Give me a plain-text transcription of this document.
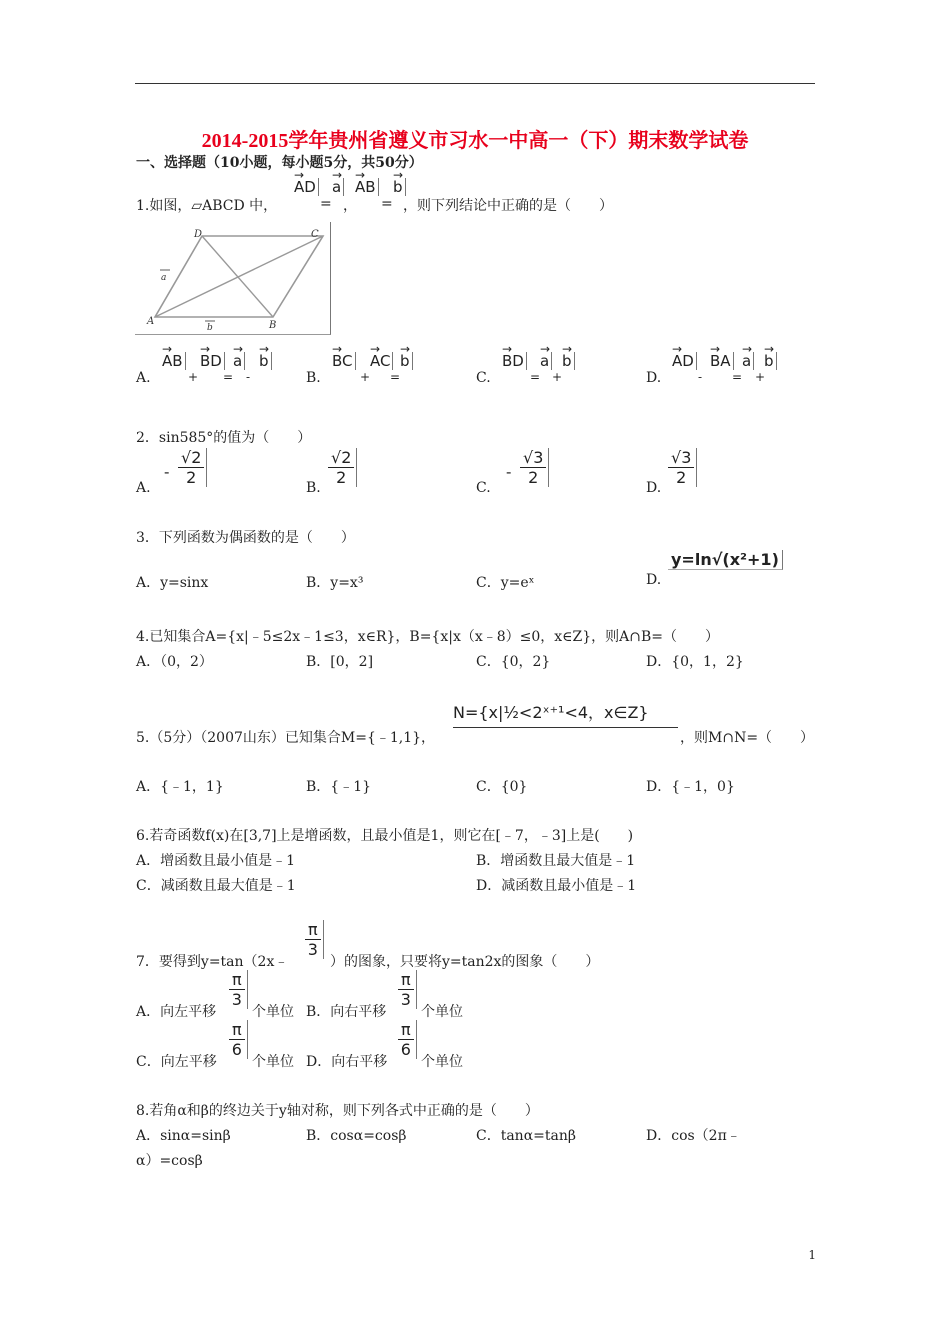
2014-2015学年贵州省遵义市习水一中高一（下）期末数学试卷
一、选择题（10小题，每小题5分，共50分）
1.如图，▱ABCD 中，
→ AD
=
→ a
，
→ AB
=
→ b
，则下列结论中正确的是（　　）
A	B
C
D
a
b
A.
→ AB
+
→ BD
=
→ a
-
→ b
B.
→ BC
+
→ AC
=
→ b
C.
→ BD
=
→ a
+
→ b
D.
→ AD
-
→ BA
=
→ a
+
→ b
2．sin585°的值为（　　）
A.
- $\frac{√2}{2}$
B.
$\frac{√2}{2}$
C.
- $\frac{√3}{2}$
D.
$\frac{√3}{2}$
3．下列函数为偶函数的是（　　）
A．y=sinx	B．y=x³	C．y=eˣ	D.
y=ln√(x²+1)
4.已知集合A={x|﹣5≤2x﹣1≤3，x∈R}，B={x|x（x﹣8）≤0，x∈Z}，则A∩B=（　　）
A．（0，2）	B．[0，2]	C．{0，2}	D．{0，1，2}
5.（5分）（2007山东）已知集合M={﹣1,1}，
N={x|½<2ˣ⁺¹<4，x∈Z}
，则M∩N=（　　）
A．{﹣1，1}	B．{﹣1}	C．{0}	D．{﹣1，0}
6.若奇函数f(x)在[3,7]上是增函数，且最小值是1，则它在[﹣7，﹣3]上是(　　)
A．增函数且最小值是﹣1	B．增函数且最大值是﹣1
C．减函数且最大值是﹣1	D．减函数且最小值是﹣1
7．要得到y=tan（2x﹣
$\frac{\pi}{3}$
）的图象，只要将y=tan2x的图象（　　）
A．向左平移
$\frac{\pi}{3}$
个单位 B．向右平移
$\frac{\pi}{3}$
个单位
C．向左平移
$\frac{\pi}{6}$
个单位 D．向右平移
$\frac{\pi}{6}$
个单位
8.若角α和β的终边关于y轴对称，则下列各式中正确的是（　　）
A．sinα=sinβ	B．cosα=cosβ	C．tanα=tanβ	D．cos（2π﹣
α）=cosβ
1
